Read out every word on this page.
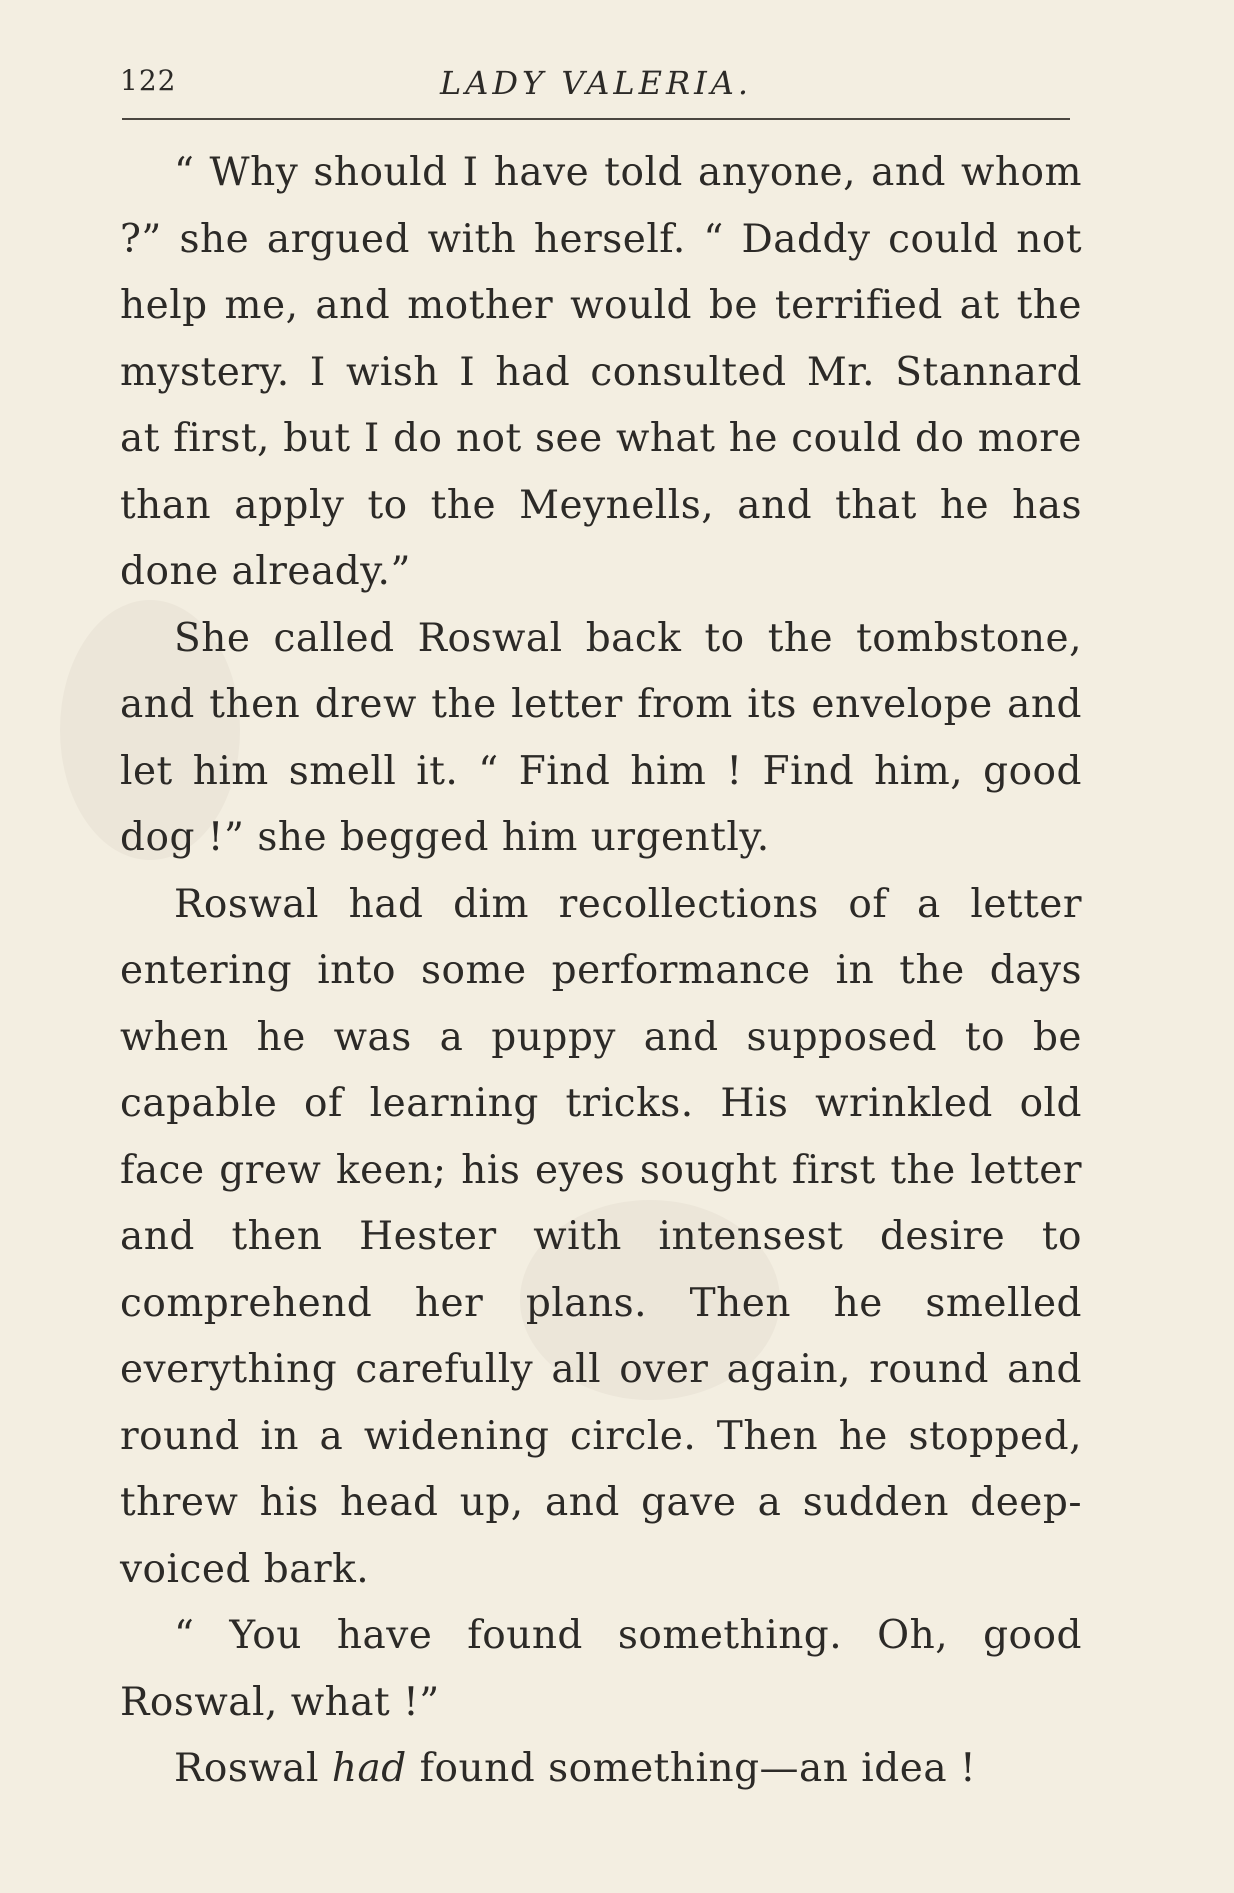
122	LADY VALERIA.

“ Why should I have told anyone, and whom ?” she argued with herself. “ Daddy could not help me, and mother would be terrified at the mystery. I wish I had consulted Mr. Stannard at first, but I do not see what he could do more than apply to the Meynells, and that he has done already.”

She called Roswal back to the tombstone, and then drew the letter from its envelope and let him smell it. “ Find him ! Find him, good dog !” she begged him urgently.

Roswal had dim recollections of a letter entering into some performance in the days when he was a puppy and supposed to be capable of learning tricks. His wrinkled old face grew keen; his eyes sought first the letter and then Hester with intensest desire to comprehend her plans. Then he smelled everything carefully all over again, round and round in a widening circle. Then he stopped, threw his head up, and gave a sudden deep-voiced bark.

“ You have found something. Oh, good Roswal, what !”

Roswal had found something—an idea !
